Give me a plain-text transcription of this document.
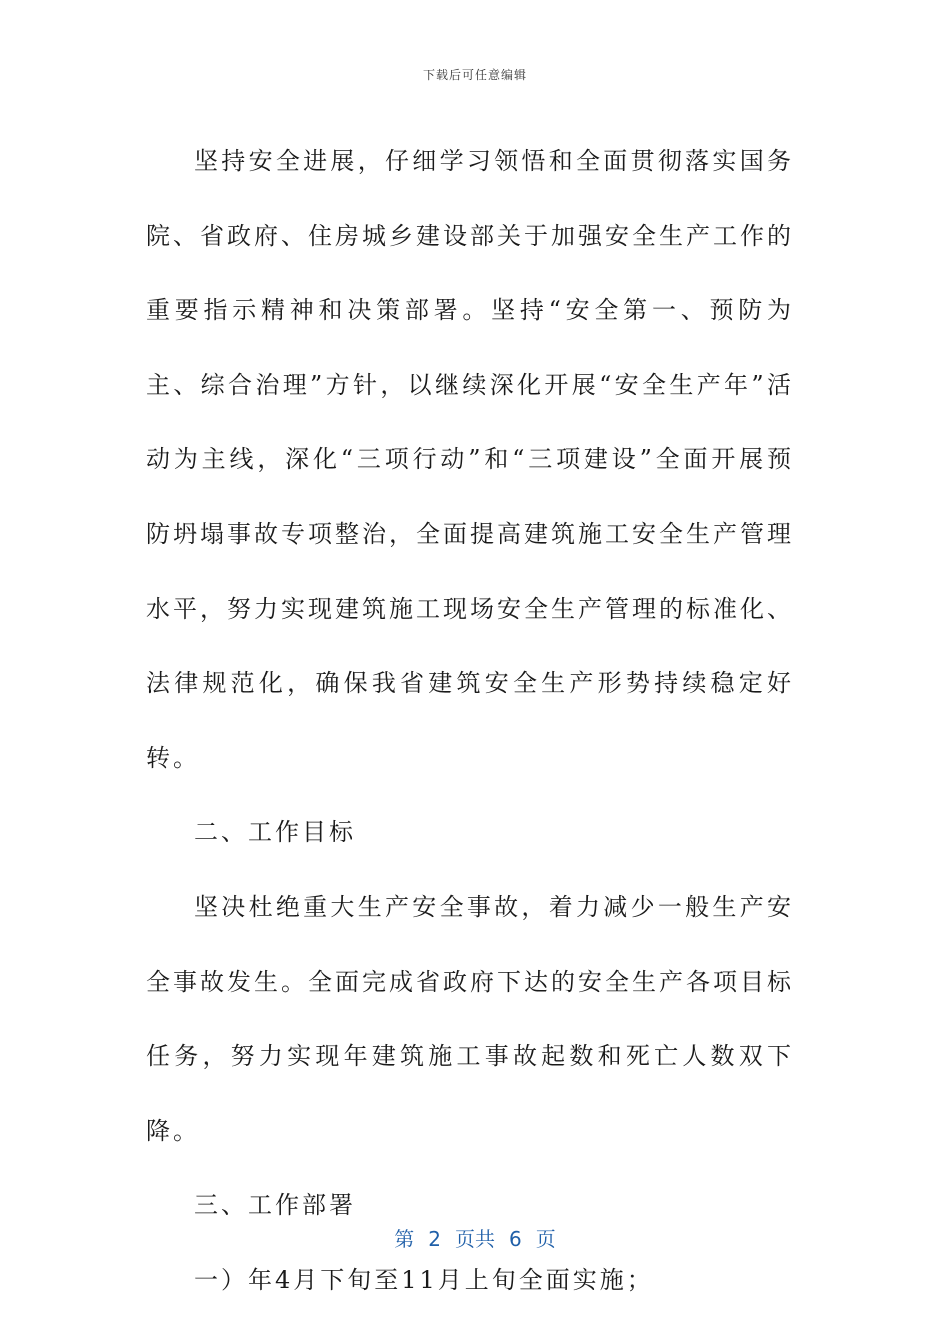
下载后可任意编辑

坚持安全进展，仔细学习领悟和全面贯彻落实国务院、省政府、住房城乡建设部关于加强安全生产工作的重要指示精神和决策部署。坚持“安全第一、预防为主、综合治理”方针，以继续深化开展“安全生产年”活动为主线，深化“三项行动”和“三项建设”全面开展预防坍塌事故专项整治，全面提高建筑施工安全生产管理水平，努力实现建筑施工现场安全生产管理的标准化、法律规范化，确保我省建筑安全生产形势持续稳定好转。

二、工作目标

坚决杜绝重大生产安全事故，着力减少一般生产安全事故发生。全面完成省政府下达的安全生产各项目标任务，努力实现年建筑施工事故起数和死亡人数双下降。

三、工作部署

一）年4月下旬至11月上旬全面实施；

第 2 页共 6 页
